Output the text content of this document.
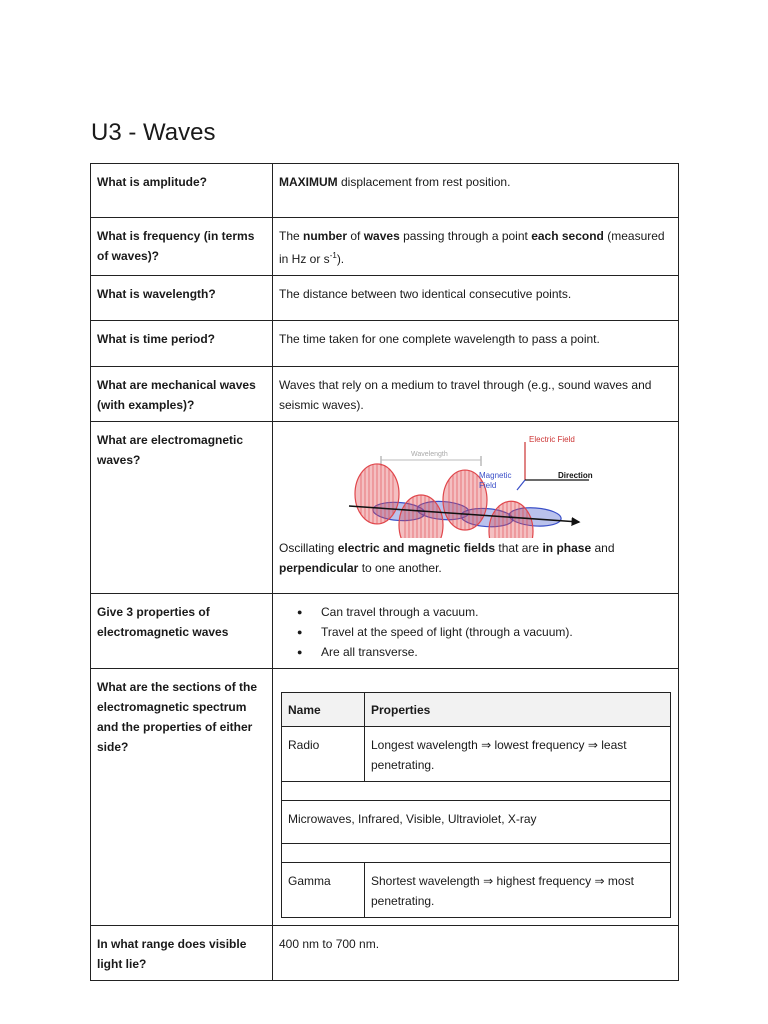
U3 - Waves
What is amplitude?	MAXIMUM displacement from rest position.
What is frequency (in terms of waves)?	The number of waves passing through a point each second (measured in Hz or $s^{-1}$).
What is wavelength?	The distance between two identical consecutive points.
What is time period?	The time taken for one complete wavelength to pass a point.
What are mechanical waves (with examples)?	Waves that rely on a medium to travel through (e.g., sound waves and seismic waves).
What are electromagnetic waves?	Wavelength
Electric Field
Direction
Magnetic Field
Oscillating electric and magnetic fields that are in phase and perpendicular to one another.
Give 3 properties of electromagnetic waves	
● Can travel through a vacuum.
● Travel at the speed of light (through a vacuum).
● Are all transverse.

What are the sections of the electromagnetic spectrum and the properties of either side?	
Name	Properties
Radio	Longest wavelength ⇒ lowest frequency ⇒ least penetrating.

Microwaves, Infrared, Visible, Ultraviolet, X-ray

Gamma	Shortest wavelength ⇒ highest frequency ⇒ most penetrating.

In what range does visible light lie?	400 nm to 700 nm.
